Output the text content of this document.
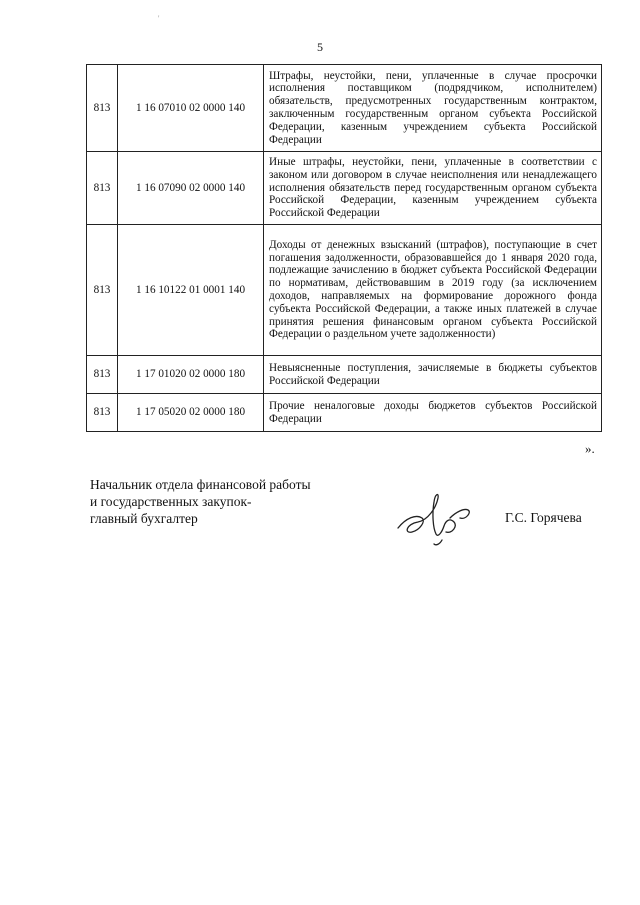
'
5
813	1 16 07010 02 0000 140	Штрафы, неустойки, пени, уплаченные в случае просрочки исполнения поставщиком (подрядчиком, исполнителем) обязательств, предусмотренных государственным контрактом, заключенным государственным органом субъекта Российской Федерации, казенным учреждением субъекта Российской Федерации
813	1 16 07090 02 0000 140	Иные штрафы, неустойки, пени, уплаченные в соответствии с законом или договором в случае неисполнения или ненадлежащего исполнения обязательств перед государственным органом субъекта Российской Федерации, казенным учреждением субъекта Российской Федерации
813	1 16 10122 01 0001 140	Доходы от денежных взысканий (штрафов), поступающие в счет погашения задолженности, образовавшейся до 1 января 2020 года, подлежащие зачислению в бюджет субъекта Российской Федерации по нормативам, действовавшим в 2019 году (за исключением доходов, направляемых на формирование дорожного фонда субъекта Российской Федерации, а также иных платежей в случае принятия решения финансовым органом субъекта Российской Федерации о раздельном учете задолженности)
813	1 17 01020 02 0000 180	Невыясненные поступления, зачисляемые в бюджеты субъектов Российской Федерации
813	1 17 05020 02 0000 180	Прочие неналоговые доходы бюджетов субъектов Российской Федерации
».
Начальник отдела финансовой работы
и государственных закупок-
главный бухгалтер	Г.С. Горячева
